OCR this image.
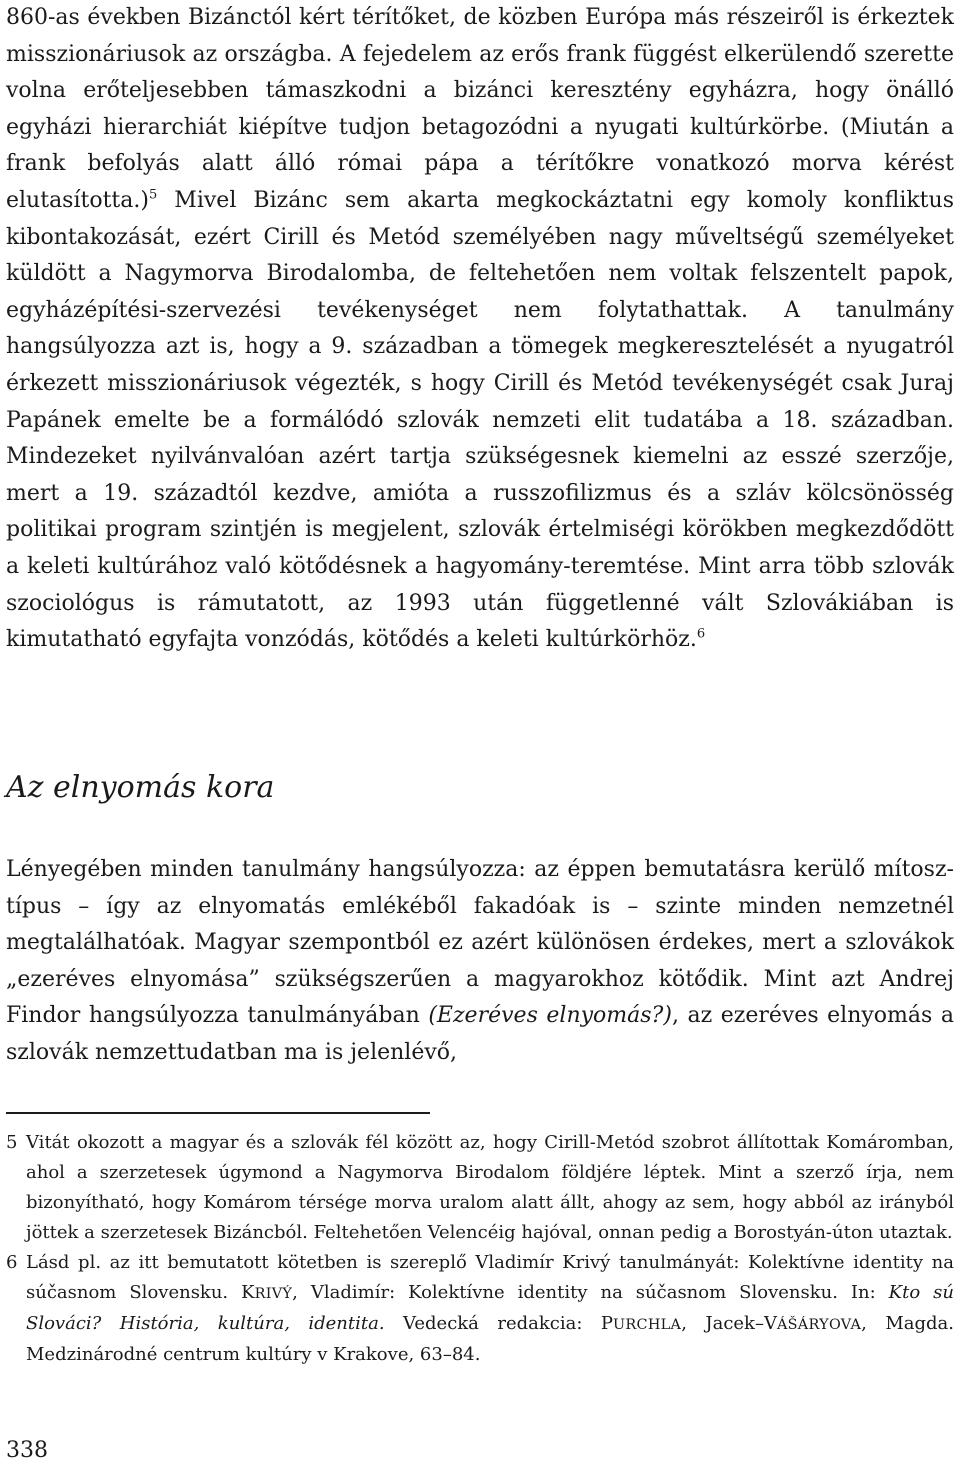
860-as években Bizánctól kért térítőket, de közben Európa más részeiről is érkeztek misszionáriusok az országba. A fejedelem az erős frank függést elkerülendő szerette volna erőteljesebben támaszkodni a bizánci keresztény egyházra, hogy önálló egyházi hierarchiát kiépítve tudjon betagozódni a nyugati kultúrkörbe. (Miután a frank befolyás alatt álló római pápa a térítőkre vonatkozó morva kérést elutasította.)$^5$ Mivel Bizánc sem akarta megkockáztatni egy komoly konfliktus kibontakozását, ezért Cirill és Metód személyében nagy műveltségű személyeket küldött a Nagymorva Birodalomba, de feltehetően nem voltak felszentelt papok, egyházépítési-szervezési tevékenységet nem folytathattak. A tanulmány hangsúlyozza azt is, hogy a 9. században a tömegek megkeresztelését a nyugatról érkezett misszionáriusok végezték, s hogy Cirill és Metód tevékenységét csak Juraj Papánek emelte be a formálódó szlovák nemzeti elit tudatába a 18. században. Mindezeket nyilvánvalóan azért tartja szükségesnek kiemelni az esszé szerzője, mert a 19. századtól kezdve, amióta a russzofilizmus és a szláv kölcsönösség politikai program szintjén is megjelent, szlovák értelmiségi körökben megkezdődött a keleti kultúrához való kötődésnek a hagyomány-teremtése. Mint arra több szlovák szociológus is rámutatott, az 1993 után függetlenné vált Szlovákiában is kimutatható egyfajta vonzódás, kötődés a keleti kultúrkörhöz.$^6$

Az elnyomás kora

Lényegében minden tanulmány hangsúlyozza: az éppen bemutatásra kerülő mítosz-típus – így az elnyomatás emlékéből fakadóak is – szinte minden nemzetnél megtalálhatóak. Magyar szempontból ez azért különösen érdekes, mert a szlovákok „ezeréves elnyomása” szükségszerűen a magyarokhoz kötődik. Mint azt Andrej Findor hangsúlyozza tanulmányában (Ezeréves elnyomás?), az ezeréves elnyomás a szlovák nemzettudatban ma is jelenlévő,

5 Vitát okozott a magyar és a szlovák fél között az, hogy Cirill-Metód szobrot állítottak Komáromban, ahol a szerzetesek úgymond a Nagymorva Birodalom földjére léptek. Mint a szerző írja, nem bizonyítható, hogy Komárom térsége morva uralom alatt állt, ahogy az sem, hogy abból az irányból jöttek a szerzetesek Bizáncból. Feltehetően Velencéig hajóval, onnan pedig a Borostyán-úton utaztak.

6 Lásd pl. az itt bemutatott kötetben is szereplő Vladimír Krivý tanulmányát: Kolektívne identity na súčasnom Slovensku. KRIVÝ, Vladimír: Kolektívne identity na súčasnom Slovensku. In: Kto sú Slováci? História, kultúra, identita. Vedecká redakcia: PURCHLA, Jacek–VÁŠÁRYOVA, Magda. Medzinárodné centrum kultúry v Krakove, 63–84.

338
